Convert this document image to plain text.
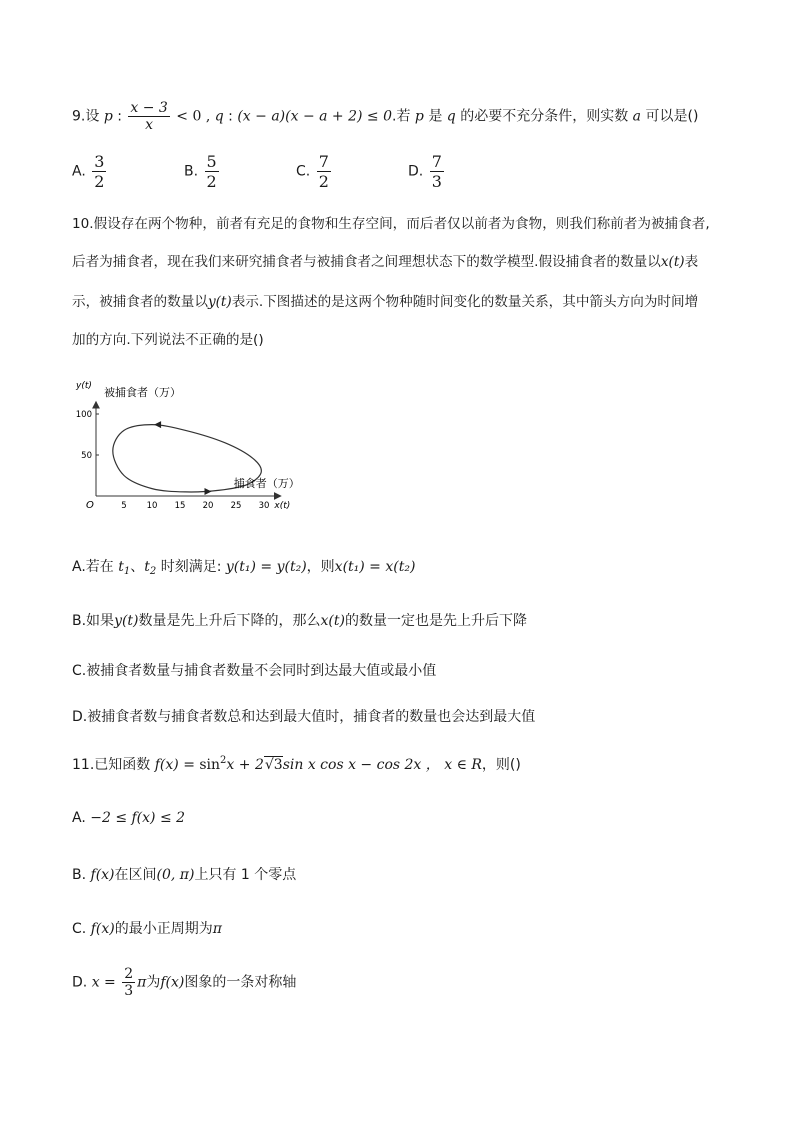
9.设 p : $\frac{x - 3}{x} < 0$ , q : (x − a)(x − a + 2) ≤ 0.若 p 是 q 的必要不充分条件，则实数 a 可以是()
A. $\frac{3}{2}$	B. $\frac{5}{2}$	C. $\frac{7}{2}$	D. $\frac{7}{3}$
10.假设存在两个物种，前者有充足的食物和生存空间，而后者仅以前者为食物，则我们称前者为被捕食者,
后者为捕食者，现在我们来研究捕食者与被捕食者之间理想状态下的数学模型.假设捕食者的数量以x(t)表
示，被捕食者的数量以y(t)表示.下图描述的是这两个物种随时间变化的数量关系，其中箭头方向为时间增
加的方向.下列说法不正确的是()
5 10 15 20 25 30
50
100
y(t)
x(t)
被捕食者（万）
捕食者（万）
O
A.若在 $t_1$、$t_2$ 时刻满足: y(t₁) = y(t₂)，则x(t₁) = x(t₂)
B.如果y(t)数量是先上升后下降的，那么x(t)的数量一定也是先上升后下降
C.被捕食者数量与捕食者数量不会同时到达最大值或最小值
D.被捕食者数与捕食者数总和达到最大值时，捕食者的数量也会达到最大值
11.已知函数 $f(x) = \sin^2x + 2√3\sin$ x cos x − cos 2x ， x ∈ R，则()
A. −2 ≤ f(x) ≤ 2
B. f(x)在区间(0, π)上只有 1 个零点
C. f(x)的最小正周期为π
D. $x = \frac{2}{3}$ π为f(x)图象的一条对称轴
